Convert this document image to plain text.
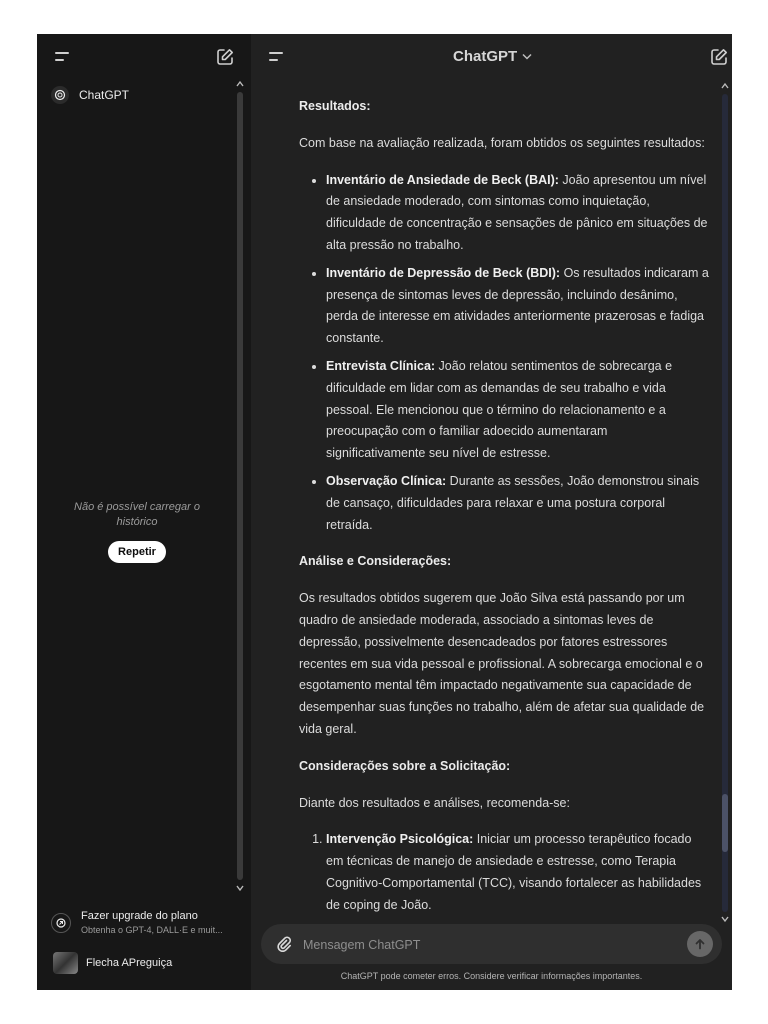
ChatGPT
Não é possível carregar o histórico
Repetir
Fazer upgrade do plano
Obtenha o GPT-4, DALL·E e muit...
Flecha APreguiça
ChatGPT
Resultados:

Com base na avaliação realizada, foram obtidos os seguintes resultados:

• Inventário de Ansiedade de Beck (BAI): João apresentou um nível de ansiedade moderado, com sintomas como inquietação, dificuldade de concentração e sensações de pânico em situações de alta pressão no trabalho.
• Inventário de Depressão de Beck (BDI): Os resultados indicaram a presença de sintomas leves de depressão, incluindo desânimo, perda de interesse em atividades anteriormente prazerosas e fadiga constante.
• Entrevista Clínica: João relatou sentimentos de sobrecarga e dificuldade em lidar com as demandas de seu trabalho e vida pessoal. Ele mencionou que o término do relacionamento e a preocupação com o familiar adoecido aumentaram significativamente seu nível de estresse.
• Observação Clínica: Durante as sessões, João demonstrou sinais de cansaço, dificuldades para relaxar e uma postura corporal retraída.
Análise e Considerações:

Os resultados obtidos sugerem que João Silva está passando por um quadro de ansiedade moderada, associado a sintomas leves de depressão, possivelmente desencadeados por fatores estressores recentes em sua vida pessoal e profissional. A sobrecarga emocional e o esgotamento mental têm impactado negativamente sua capacidade de desempenhar suas funções no trabalho, além de afetar sua qualidade de vida geral.

Considerações sobre a Solicitação:

Diante dos resultados e análises, recomenda-se:

1. Intervenção Psicológica: Iniciar um processo terapêutico focado em técnicas de manejo de ansiedade e estresse, como Terapia Cognitivo-Comportamental (TCC), visando fortalecer as habilidades de coping de João.
Mensagem ChatGPT
ChatGPT pode cometer erros. Considere verificar informações importantes.
